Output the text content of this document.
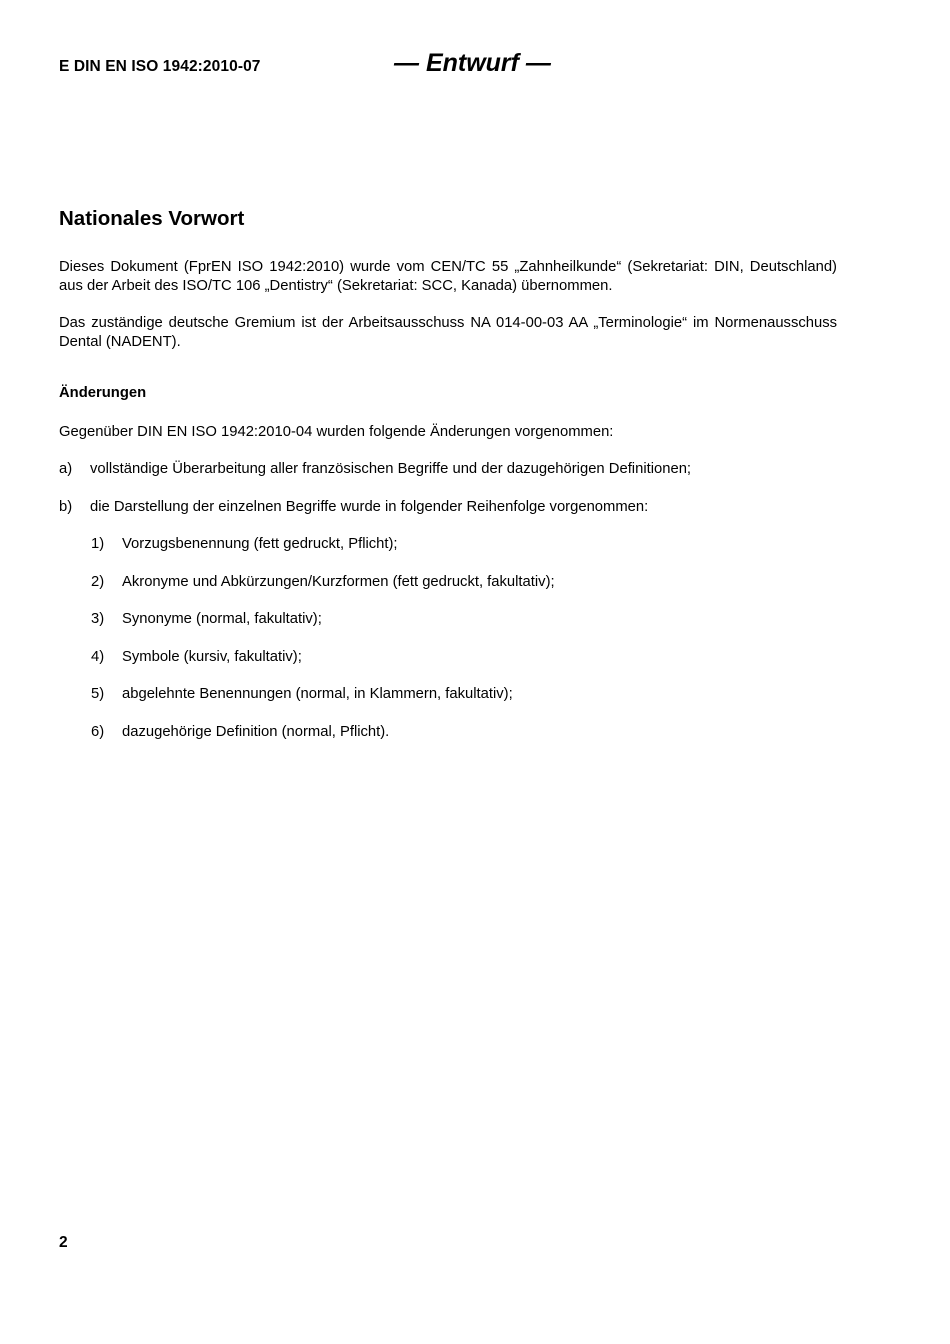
E DIN EN ISO 1942:2010-07	— Entwurf —
Nationales Vorwort

Dieses Dokument (FprEN ISO 1942:2010) wurde vom CEN/TC 55 „Zahnheilkunde“ (Sekretariat: DIN, Deutschland) aus der Arbeit des ISO/TC 106 „Dentistry“ (Sekretariat: SCC, Kanada) übernommen.

Das zuständige deutsche Gremium ist der Arbeitsausschuss NA 014-00-03 AA „Terminologie“ im Normenausschuss Dental (NADENT).

Änderungen
Gegenüber DIN EN ISO 1942:2010-04 wurden folgende Änderungen vorgenommen:
a) vollständige Überarbeitung aller französischen Begriffe und der dazugehörigen Definitionen;
b) die Darstellung der einzelnen Begriffe wurde in folgender Reihenfolge vorgenommen:
1) Vorzugsbenennung (fett gedruckt, Pflicht);
2) Akronyme und Abkürzungen/Kurzformen (fett gedruckt, fakultativ);
3) Synonyme (normal, fakultativ);
4) Symbole (kursiv, fakultativ);
5) abgelehnte Benennungen (normal, in Klammern, fakultativ);
6) dazugehörige Definition (normal, Pflicht).
2
